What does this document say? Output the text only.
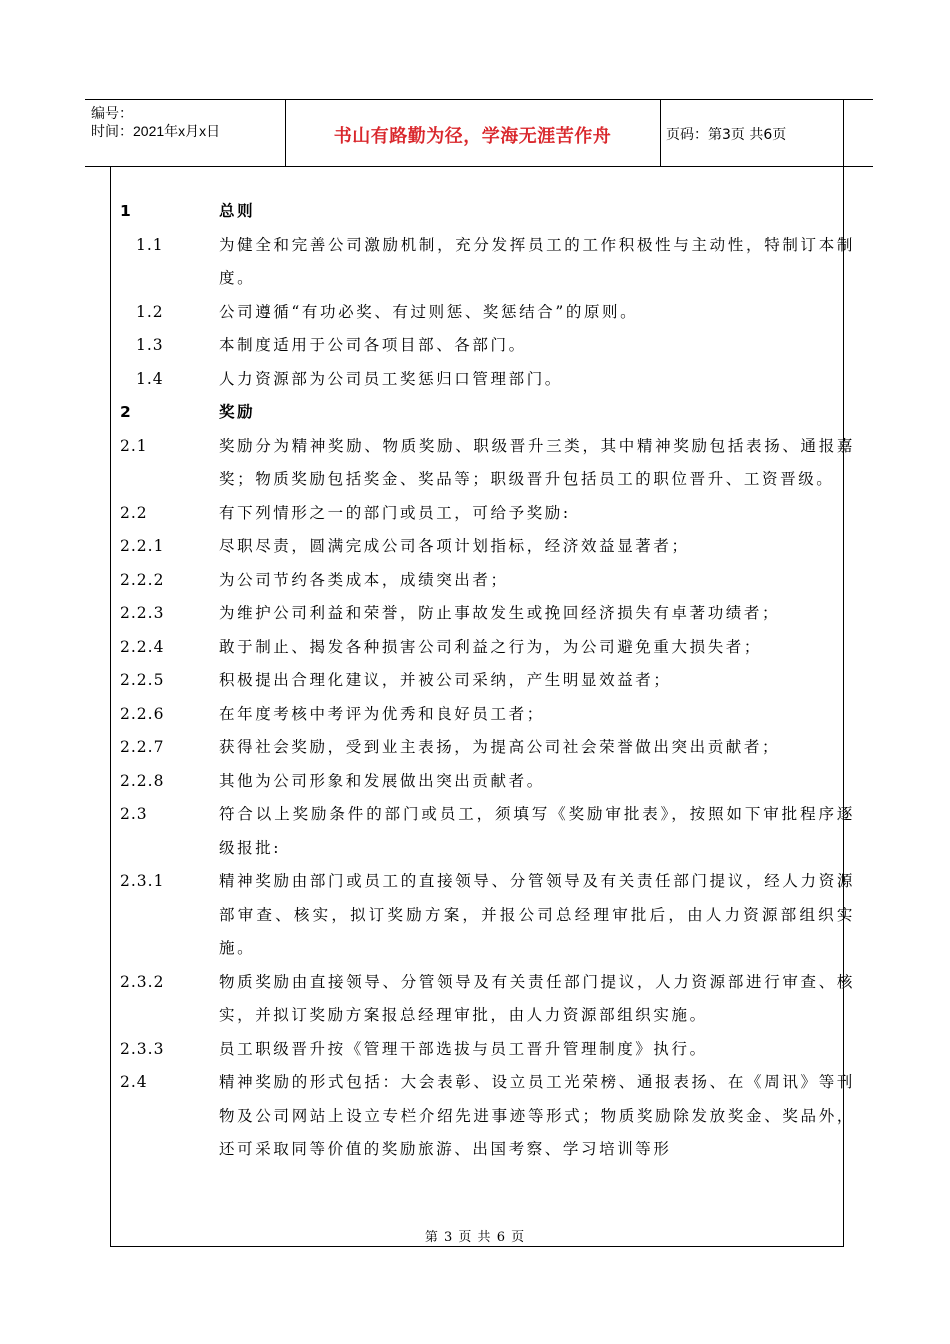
编号：
时间：2021年x月x日	书山有路勤为径，学海无涯苦作舟	页码：第3页 共6页
1	总则
1.1	为健全和完善公司激励机制，充分发挥员工的工作积极性与主动性，特制订本制度。
1.2	公司遵循“有功必奖、有过则惩、奖惩结合”的原则。
1.3	本制度适用于公司各项目部、各部门。
1.4	人力资源部为公司员工奖惩归口管理部门。
2	奖励
2.1	奖励分为精神奖励、物质奖励、职级晋升三类，其中精神奖励包括表扬、通报嘉奖；物质奖励包括奖金、奖品等；职级晋升包括员工的职位晋升、工资晋级。
2.2	有下列情形之一的部门或员工，可给予奖励:
2.2.1	尽职尽责，圆满完成公司各项计划指标，经济效益显著者；
2.2.2	为公司节约各类成本，成绩突出者；
2.2.3	为维护公司利益和荣誉，防止事故发生或挽回经济损失有卓著功绩者；
2.2.4	敢于制止、揭发各种损害公司利益之行为，为公司避免重大损失者；
2.2.5	积极提出合理化建议，并被公司采纳，产生明显效益者；
2.2.6	在年度考核中考评为优秀和良好员工者；
2.2.7	获得社会奖励，受到业主表扬，为提高公司社会荣誉做出突出贡献者；
2.2.8	其他为公司形象和发展做出突出贡献者。
2.3	符合以上奖励条件的部门或员工，须填写《奖励审批表》，按照如下审批程序逐级报批:
2.3.1	精神奖励由部门或员工的直接领导、分管领导及有关责任部门提议，经人力资源部审查、核实，拟订奖励方案，并报公司总经理审批后，由人力资源部组织实施。
2.3.2	物质奖励由直接领导、分管领导及有关责任部门提议，人力资源部进行审查、核实，并拟订奖励方案报总经理审批，由人力资源部组织实施。
2.3.3	员工职级晋升按《管理干部选拔与员工晋升管理制度》执行。
2.4	精神奖励的形式包括：大会表彰、设立员工光荣榜、通报表扬、在《周讯》等刊物及公司网站上设立专栏介绍先进事迹等形式；物质奖励除发放奖金、奖品外，还可采取同等价值的奖励旅游、出国考察、学习培训等形
第 3 页 共 6 页
